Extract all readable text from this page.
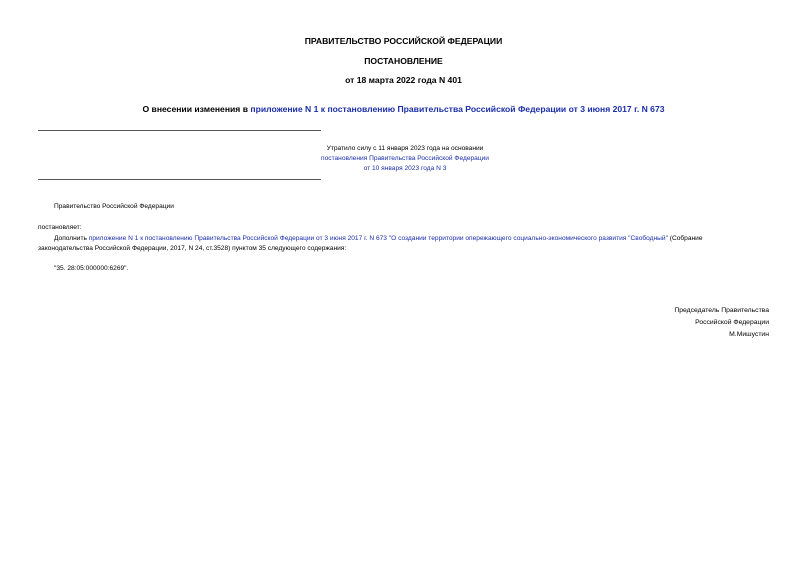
ПРАВИТЕЛЬСТВО РОССИЙСКОЙ ФЕДЕРАЦИИ
ПОСТАНОВЛЕНИЕ
от 18 марта 2022 года N 401
О внесении изменения в приложение N 1 к постановлению Правительства Российской Федерации от 3 июня 2017 г. N 673
Утратило силу с 11 января 2023 года на основании
постановления Правительства Российской Федерации
от 10 января 2023 года N 3
Правительство Российской Федерации
постановляет:
Дополнить приложение N 1 к постановлению Правительства Российской Федерации от 3 июня 2017 г. N 673 "О создании территории опережающего социально-экономического развития "Свободный" (Собрание
законодательства Российской Федерации, 2017, N 24, ст.3528) пунктом 35 следующего содержания:
"35. 28:05:000000:6269".
Председатель Правительства
Российской Федерации
М.Мишустин
